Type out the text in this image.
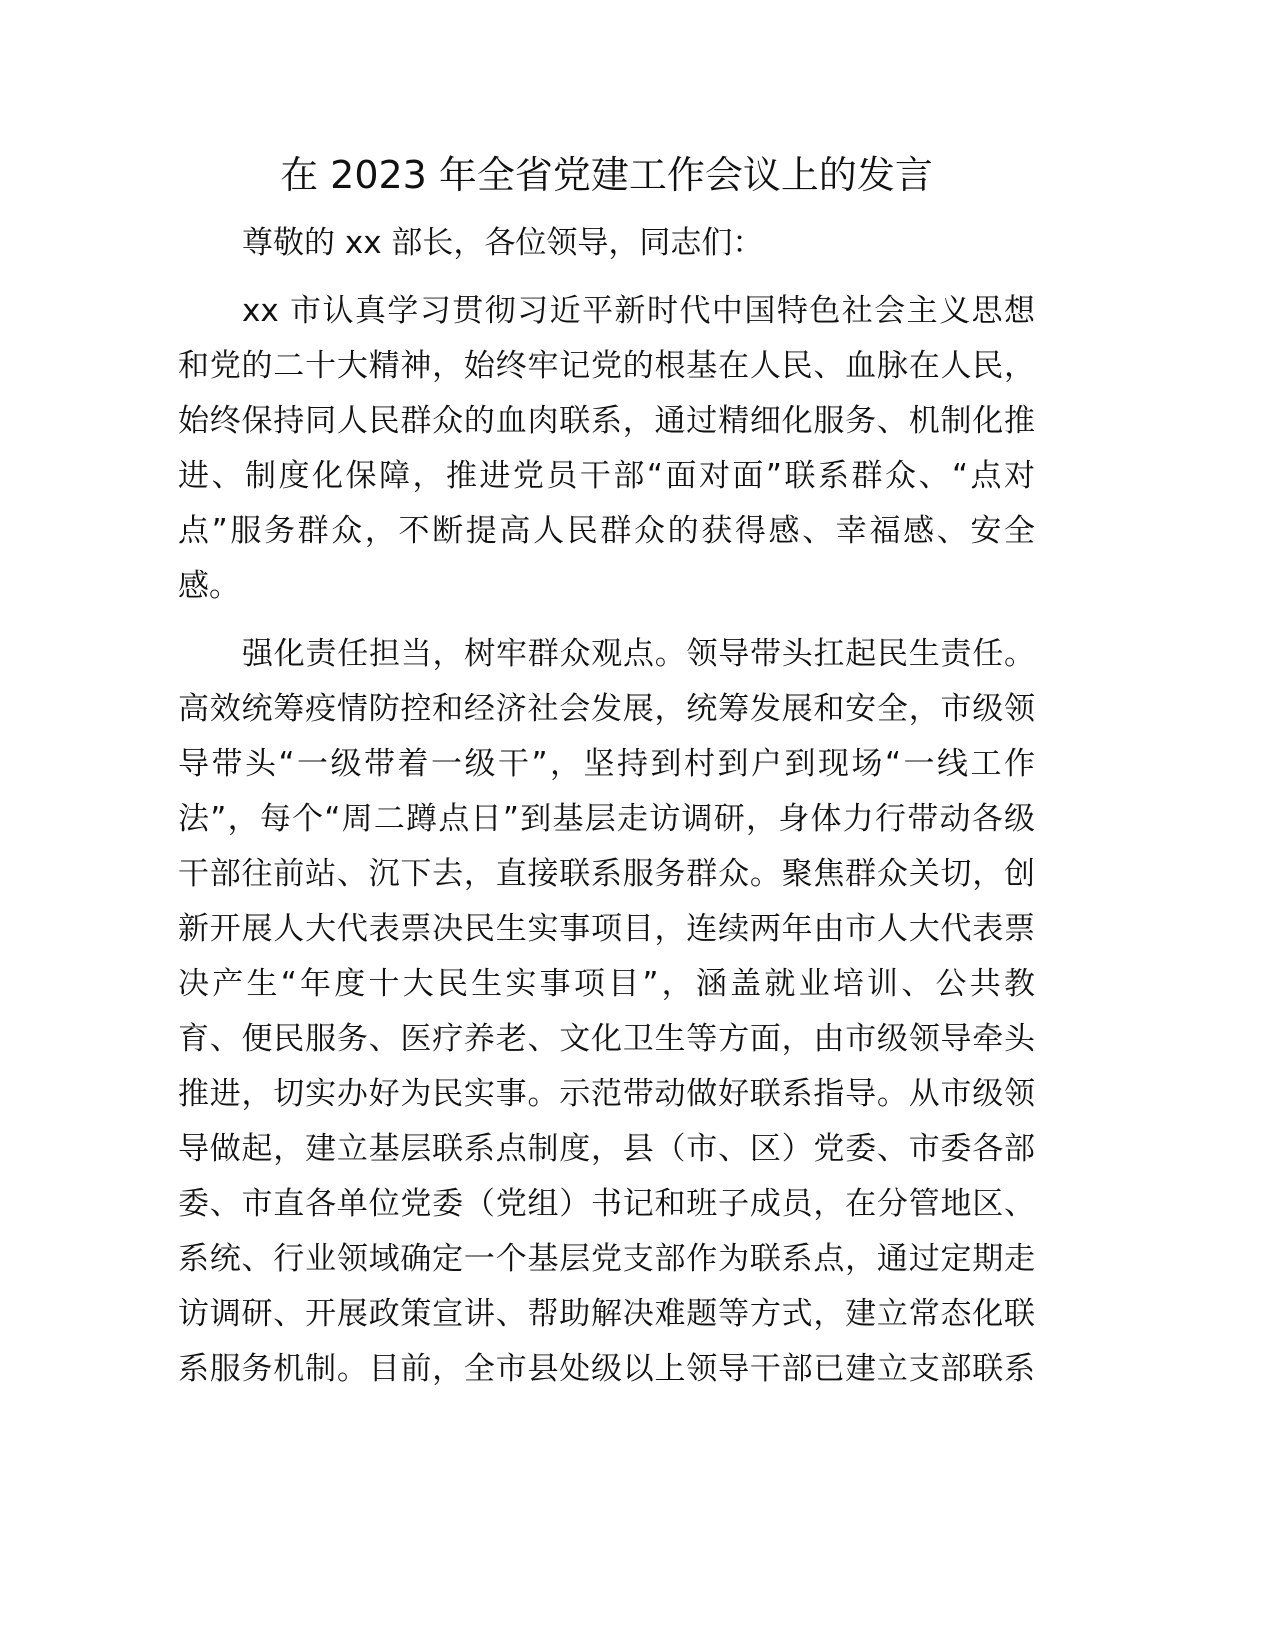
在 2023 年全省党建工作会议上的发言
尊敬的 xx 部长，各位领导，同志们：
xx 市认真学习贯彻习近平新时代中国特色社会主义思想
和党的二十大精神，始终牢记党的根基在人民、血脉在人民，
始终保持同人民群众的血肉联系，通过精细化服务、机制化推
进、制度化保障，推进党员干部“面对面”联系群众、“点对
点”服务群众，不断提高人民群众的获得感、幸福感、安全
感。
强化责任担当，树牢群众观点。领导带头扛起民生责任。
高效统筹疫情防控和经济社会发展，统筹发展和安全，市级领
导带头“一级带着一级干”，坚持到村到户到现场“一线工作
法”，每个“周二蹲点日”到基层走访调研，身体力行带动各级
干部往前站、沉下去，直接联系服务群众。聚焦群众关切，创
新开展人大代表票决民生实事项目，连续两年由市人大代表票
决产生“年度十大民生实事项目”，涵盖就业培训、公共教
育、便民服务、医疗养老、文化卫生等方面，由市级领导牵头
推进，切实办好为民实事。示范带动做好联系指导。从市级领
导做起，建立基层联系点制度，县（市、区）党委、市委各部
委、市直各单位党委（党组）书记和班子成员，在分管地区、
系统、行业领域确定一个基层党支部作为联系点，通过定期走
访调研、开展政策宣讲、帮助解决难题等方式，建立常态化联
系服务机制。目前，全市县处级以上领导干部已建立支部联系
